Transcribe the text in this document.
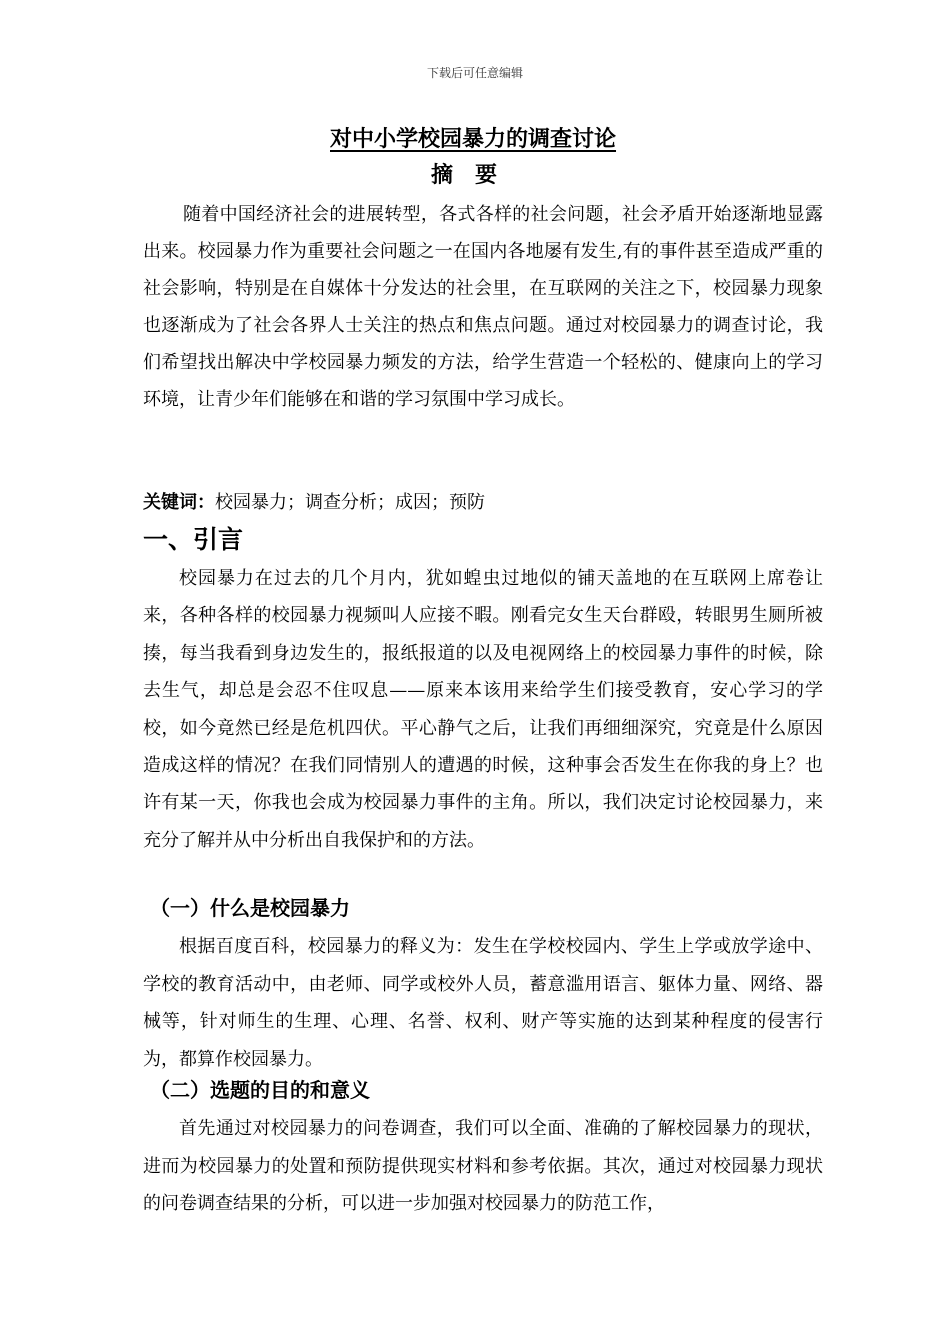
下载后可任意编辑
对中小学校园暴力的调查讨论
摘要
随着中国经济社会的进展转型，各式各样的社会问题，社会矛盾开始逐渐地显露出来。校园暴力作为重要社会问题之一在国内各地屡有发生,有的事件甚至造成严重的社会影响，特别是在自媒体十分发达的社会里，在互联网的关注之下，校园暴力现象也逐渐成为了社会各界人士关注的热点和焦点问题。通过对校园暴力的调查讨论，我们希望找出解决中学校园暴力频发的方法，给学生营造一个轻松的、健康向上的学习环境，让青少年们能够在和谐的学习氛围中学习成长。
关键词：校园暴力；调查分析；成因；预防
一、引言
校园暴力在过去的几个月内，犹如蝗虫过地似的铺天盖地的在互联网上席卷让来，各种各样的校园暴力视频叫人应接不暇。刚看完女生天台群殴，转眼男生厕所被揍，每当我看到身边发生的，报纸报道的以及电视网络上的校园暴力事件的时候，除去生气，却总是会忍不住叹息——原来本该用来给学生们接受教育，安心学习的学校，如今竟然已经是危机四伏。平心静气之后，让我们再细细深究，究竟是什么原因造成这样的情况？在我们同情别人的遭遇的时候，这种事会否发生在你我的身上？也许有某一天，你我也会成为校园暴力事件的主角。所以，我们决定讨论校园暴力，来充分了解并从中分析出自我保护和的方法。
（一）什么是校园暴力
根据百度百科，校园暴力的释义为：发生在学校校园内、学生上学或放学途中、学校的教育活动中，由老师、同学或校外人员，蓄意滥用语言、躯体力量、网络、器械等，针对师生的生理、心理、名誉、权利、财产等实施的达到某种程度的侵害行为，都算作校园暴力。
（二）选题的目的和意义
首先通过对校园暴力的问卷调查，我们可以全面、准确的了解校园暴力的现状，进而为校园暴力的处置和预防提供现实材料和参考依据。其次，通过对校园暴力现状的问卷调查结果的分析，可以进一步加强对校园暴力的防范工作，
